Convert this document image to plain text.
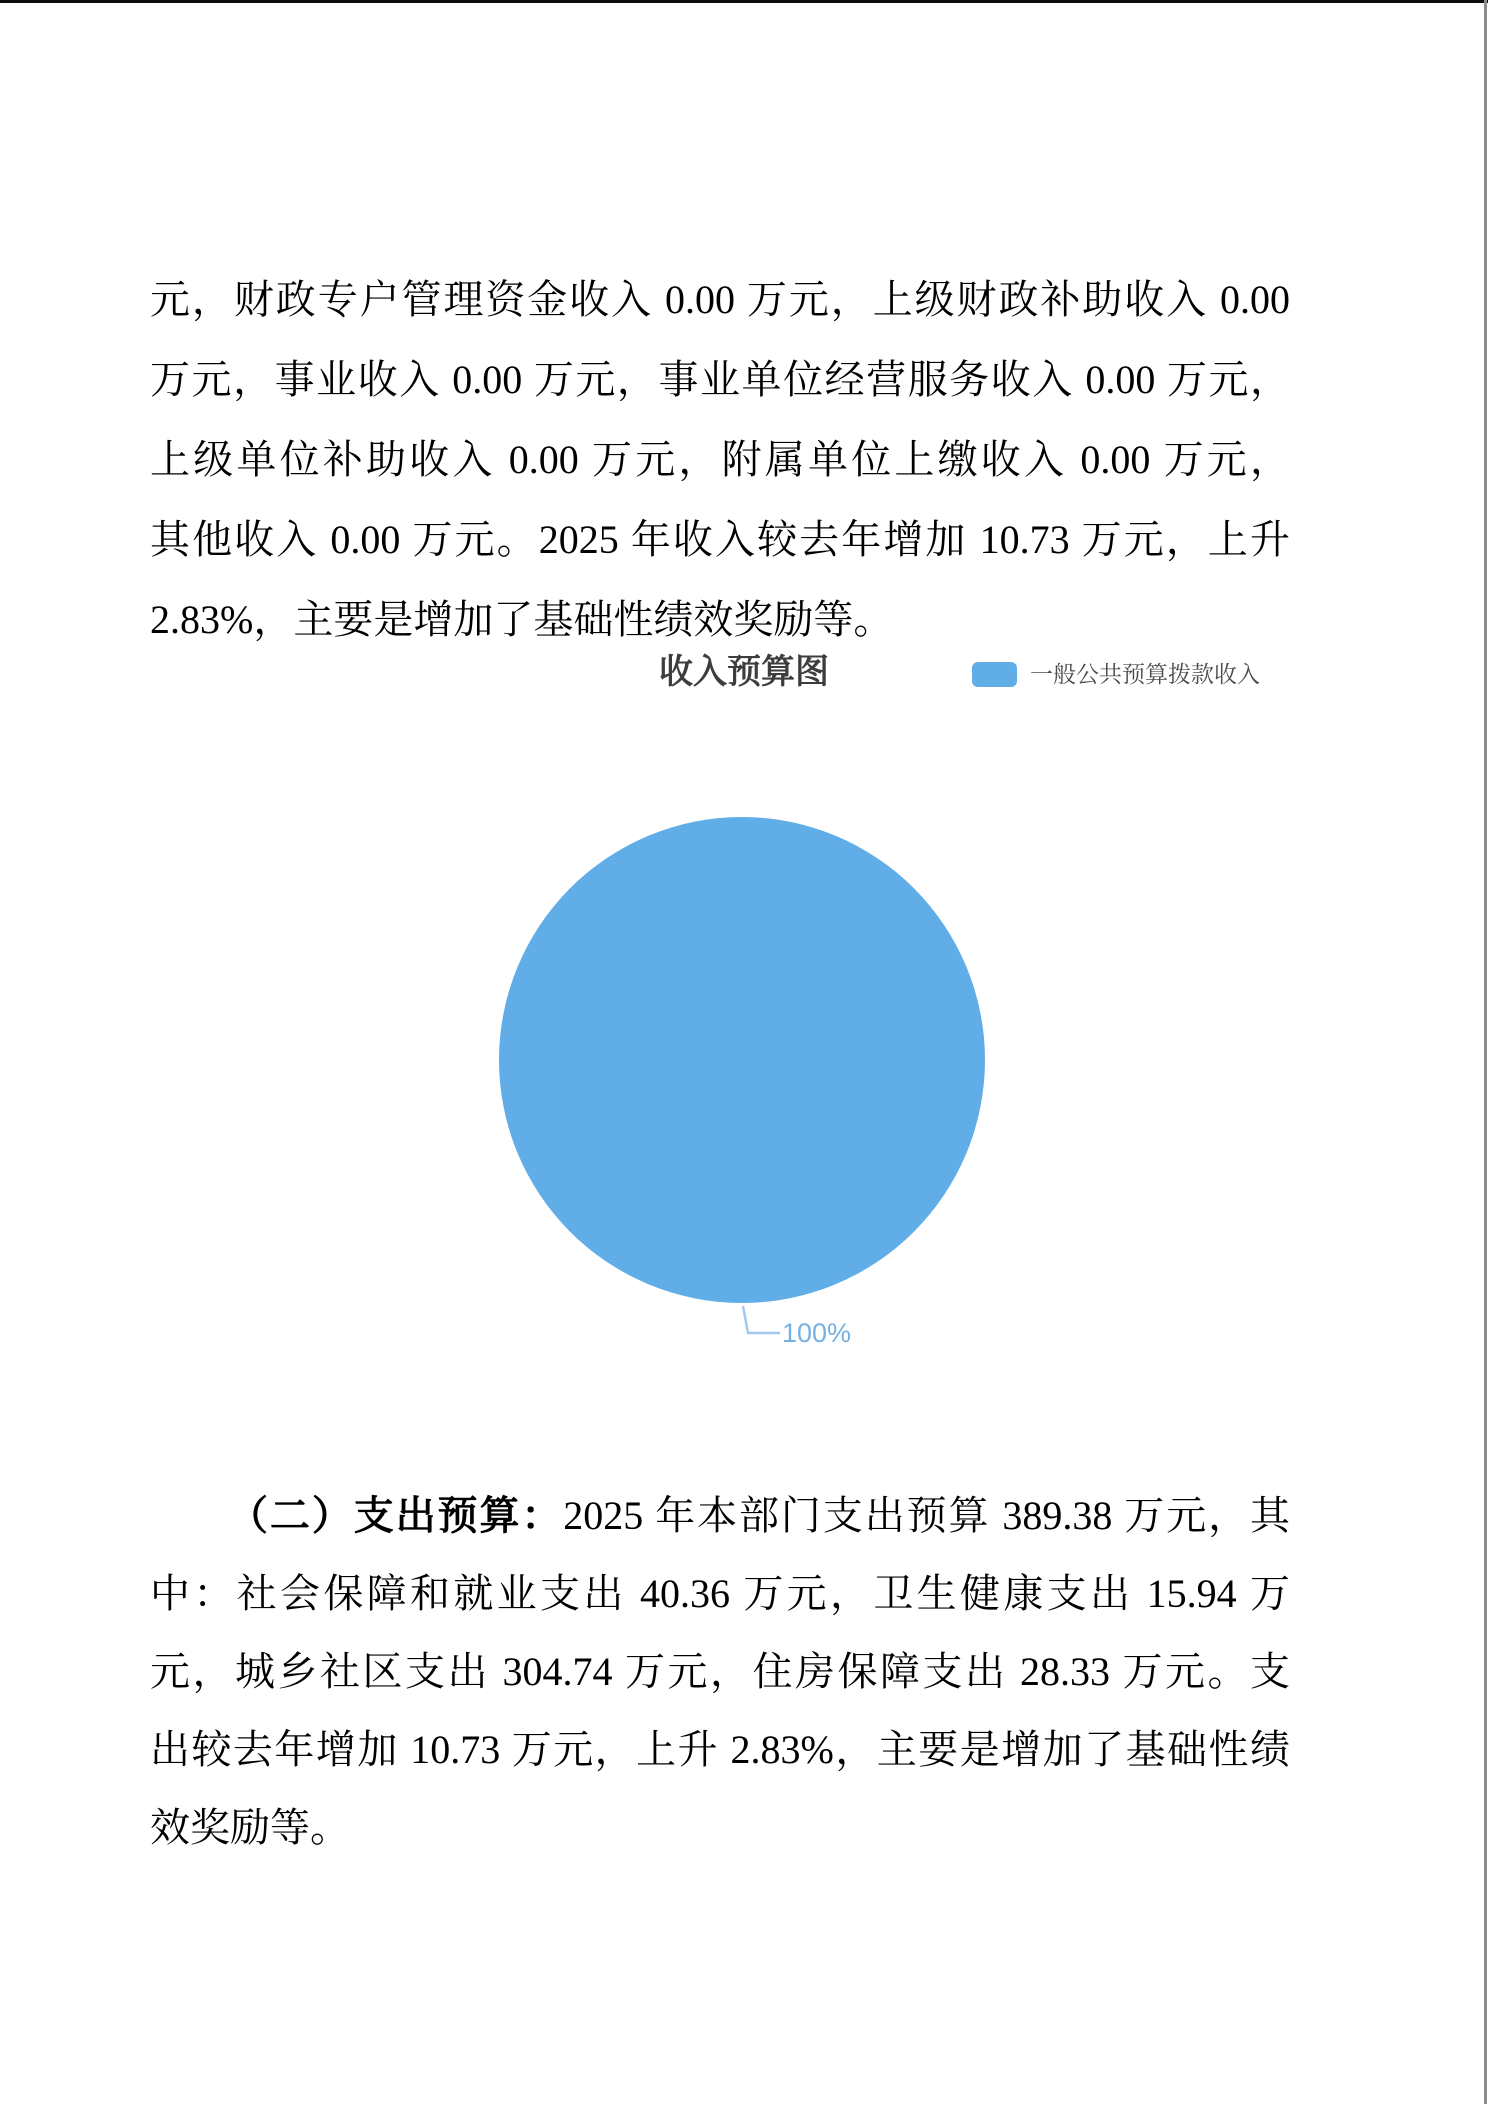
元，财政专户管理资金收入 0.00 万元，上级财政补助收入 0.00
万元，事业收入 0.00 万元，事业单位经营服务收入 0.00 万元，
上级单位补助收入 0.00 万元，附属单位上缴收入 0.00 万元，
其他收入 0.00 万元。2025 年收入较去年增加 10.73 万元，上升
2.83%，主要是增加了基础性绩效奖励等。
收入预算图	一般公共预算拨款收入
100%
（二）支出预算：2025 年本部门支出预算 389.38 万元，其
中：社会保障和就业支出 40.36 万元，卫生健康支出 15.94 万
元，城乡社区支出 304.74 万元，住房保障支出 28.33 万元。支
出较去年增加 10.73 万元，上升 2.83%，主要是增加了基础性绩
效奖励等。
